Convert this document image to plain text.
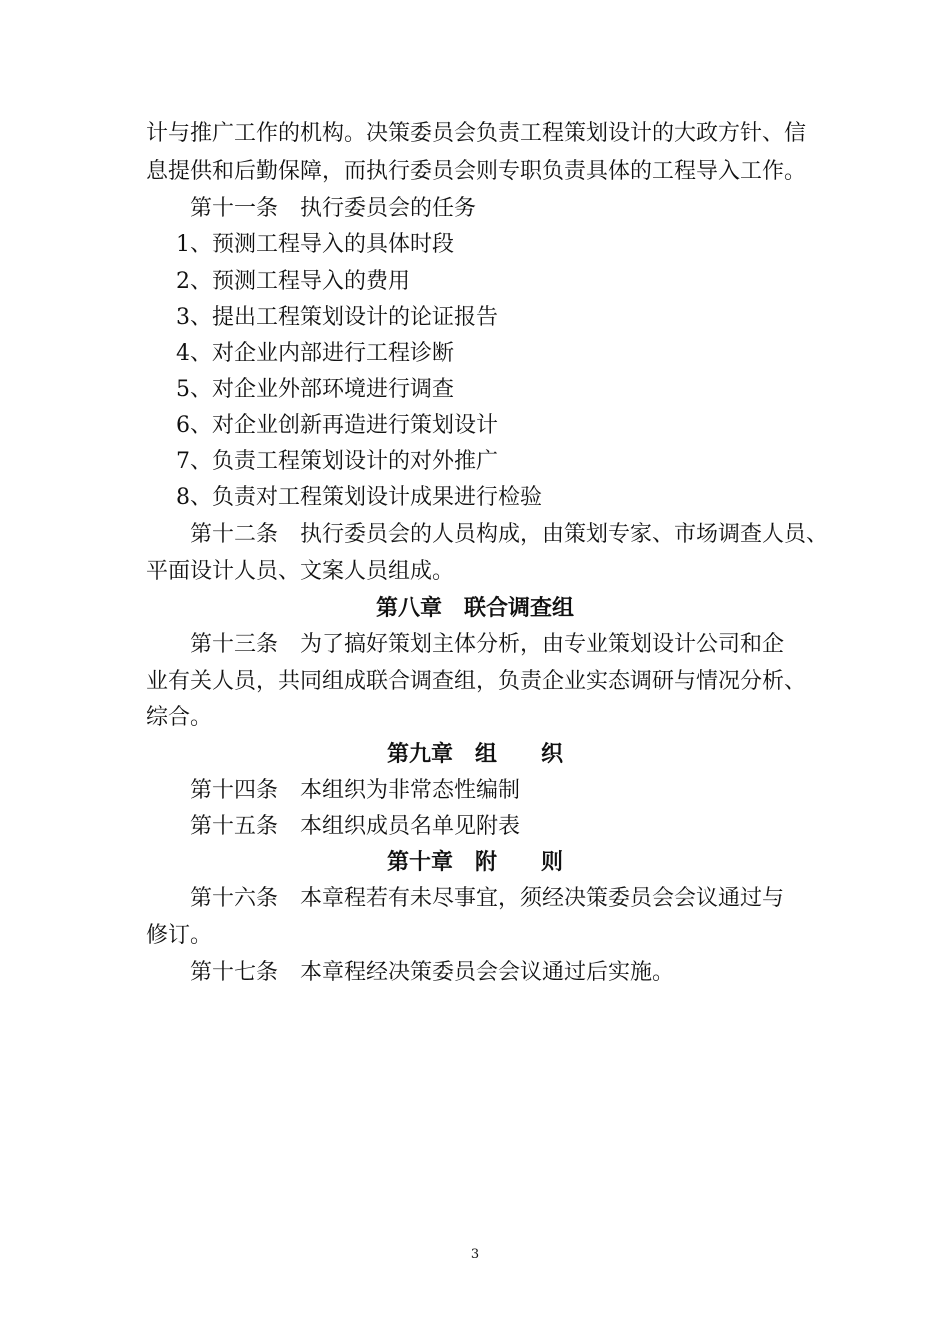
计与推广工作的机构。决策委员会负责工程策划设计的大政方针、信
息提供和后勤保障，而执行委员会则专职负责具体的工程导入工作。
第十一条　执行委员会的任务
1、预测工程导入的具体时段
2、预测工程导入的费用
3、提出工程策划设计的论证报告
4、对企业内部进行工程诊断
5、对企业外部环境进行调查
6、对企业创新再造进行策划设计
7、负责工程策划设计的对外推广
8、负责对工程策划设计成果进行检验
第十二条　执行委员会的人员构成，由策划专家、市场调查人员、
平面设计人员、文案人员组成。
第八章　联合调查组
第十三条　为了搞好策划主体分析，由专业策划设计公司和企
业有关人员，共同组成联合调查组，负责企业实态调研与情况分析、
综合。
第九章　组　　织
第十四条　本组织为非常态性编制
第十五条　本组织成员名单见附表
第十章　附　　则
第十六条　本章程若有未尽事宜，须经决策委员会会议通过与
修订。
第十七条　本章程经决策委员会会议通过后实施。
3
